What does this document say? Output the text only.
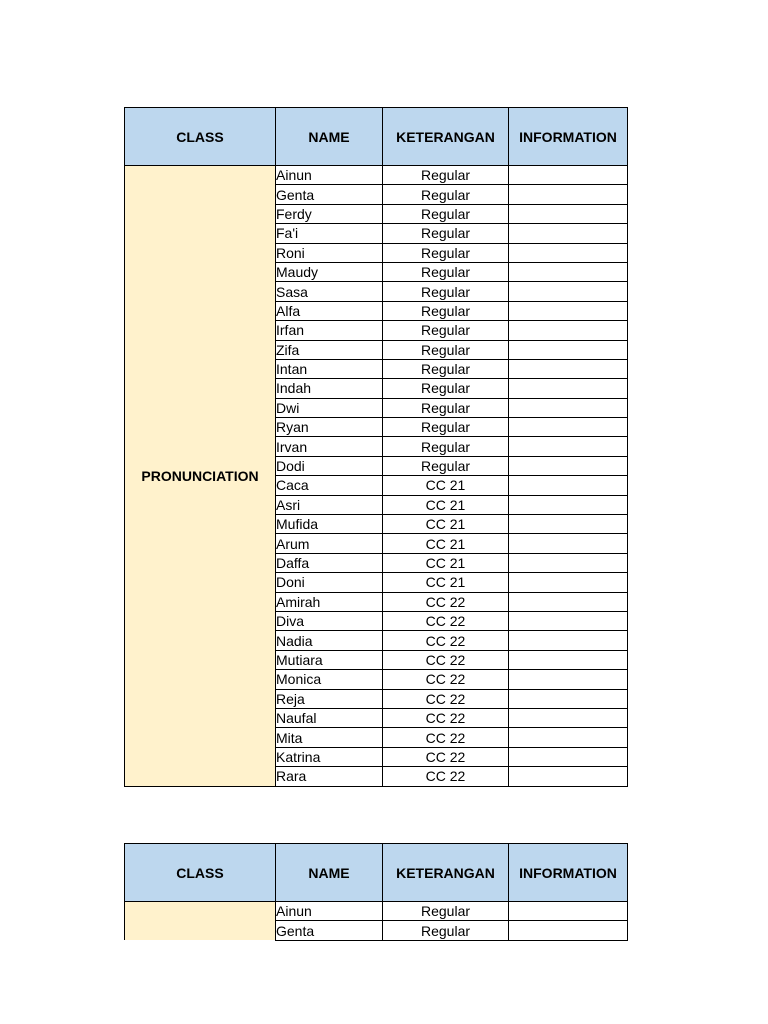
CLASS	NAME	KETERANGAN	INFORMATION
PRONUNCIATION	Ainun	Regular	
	Genta	Regular	
	Ferdy	Regular	
	Fa'i	Regular	
	Roni	Regular	
	Maudy	Regular	
	Sasa	Regular	
	Alfa	Regular	
	Irfan	Regular	
	Zifa	Regular	
	Intan	Regular	
	Indah	Regular	
	Dwi	Regular	
	Ryan	Regular	
	Irvan	Regular	
	Dodi	Regular	
	Caca	CC 21	
	Asri	CC 21	
	Mufida	CC 21	
	Arum	CC 21	
	Daffa	CC 21	
	Doni	CC 21	
	Amirah	CC 22	
	Diva	CC 22	
	Nadia	CC 22	
	Mutiara	CC 22	
	Monica	CC 22	
	Reja	CC 22	
	Naufal	CC 22	
	Mita	CC 22	
	Katrina	CC 22	
	Rara	CC 22	
CLASS	NAME	KETERANGAN	INFORMATION
	Ainun	Regular	
	Genta	Regular	
